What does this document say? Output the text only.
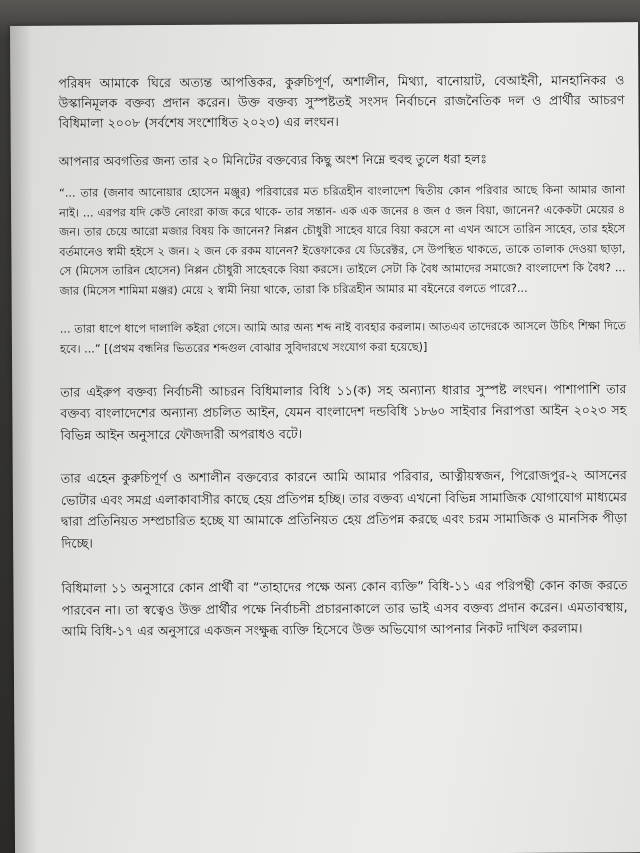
পরিষদ আমাকে ঘিরে অত্যন্ত আপত্তিকর, কুরুচিপূর্ণ, অশালীন, মিথ্যা, বানোয়াট, বেআইনী, মানহানিকর ও উস্কানিমূলক বক্তব্য প্রদান করেন। উক্ত বক্তব্য সুস্পষ্টতই সংসদ নির্বাচনে রাজনৈতিক দল ও প্রার্থীর আচরণ বিধিমালা ২০০৮ (সর্বশেষ সংশোধিত ২০২৩) এর লংঘন।

আপনার অবগতির জন্য তার ২০ মিনিটের বক্তব্যের কিছু অংশ নিম্নে হুবহু তুলে ধরা হলঃ

“... তার (জনাব আনোয়ার হোসেন মঞ্জুর) পরিবারের মত চরিত্রহীন বাংলাদেশ দ্বিতীয় কোন পরিবার আছে কিনা আমার জানা নাই। ... এরপর যদি কেউ নোংরা কাজ করে থাকে- তার সন্তান- এক এক জনের ৪ জন ৫ জন বিয়া, জানেন? একেকটা মেয়ের ৪ জন। তার চেয়ে আরো মজার বিষয় কি জানেন? নিপ্পন চৌধুরী সাহেব যারে বিয়া করসে না এখন আসে তারিন সাহেব, তার হইসে বর্তমানেও স্বামী হইসে ২ জন। ২ জন কে রকম যানেন? ইত্তেফাকের যে ডিরেক্টর, সে উপস্থিত থাকতে, তাকে তালাক দেওয়া ছাড়া, সে (মিসেস তারিন হোসেন) নিপ্পন চৌধুরী সাহেবকে বিয়া করসে। তাইলে সেটা কি বৈধ আমাদের সমাজে? বাংলাদেশ কি বৈধ? ... জার (মিসেস শামিমা মঞ্জর) মেয়ে ২ স্বামী নিয়া থাকে, তারা কি চরিত্রহীন আমার মা বইনেরে বলতে পারে?...

... তারা ধাপে ধাপে দালালি কইরা গেসে। আমি আর অন্য শব্দ নাই ব্যবহার করলাম। আতএব তাদেরকে আসলে উচিৎ শিক্ষা দিতে হবে। ...” [(প্রথম বন্ধনির ভিতরের শব্দগুল বোঝার সুবিদারথে সংযোগ করা হয়েছে)]

তার এইরুপ বক্তব্য নির্বাচনী আচরন বিধিমালার বিধি ১১(ক) সহ অন্যান্য ধারার সুস্পষ্ট লংঘন। পাশাপাশি তার বক্তব্য বাংলাদেশের অন্যান্য প্রচলিত আইন, যেমন বাংলাদেশ দন্ডবিধি ১৮৬০ সাইবার নিরাপত্তা আইন ২০২৩ সহ বিভিন্ন আইন অনুসারে ফৌজদারী অপরাধও বটে।

তার এহেন কুরুচিপূর্ণ ও অশালীন বক্তব্যের কারনে আমি আমার পরিবার, আত্নীয়স্বজন, পিরোজপুর-২ আসনের ভোটার এবং সমগ্র এলাকাবাসীর কাছে হেয় প্রতিপন্ন হচ্ছি। তার বক্তব্য এখনো বিভিন্ন সামাজিক যোগাযোগ মাধ্যমের দ্বারা প্রতিনিয়ত সম্প্রচারিত হচ্ছে যা আমাকে প্রতিনিয়ত হেয় প্রতিপন্ন করছে এবং চরম সামাজিক ও মানসিক পীড়া দিচ্ছে।

বিধিমালা ১১ অনুসারে কোন প্রার্থী বা “তাহাদের পক্ষে অন্য কোন ব্যক্তি” বিধি-১১ এর পরিপন্থী কোন কাজ করতে পারবেন না। তা স্বত্বেও উক্ত প্রার্থীর পক্ষে নির্বাচনী প্রচারনাকালে তার ভাই এসব বক্তব্য প্রদান করেন। এমতাবস্থায়, আমি বিধি-১৭ এর অনুসারে একজন সংক্ষুব্ধ ব্যক্তি হিসেবে উক্ত অভিযোগ আপনার নিকট দাখিল করলাম।
